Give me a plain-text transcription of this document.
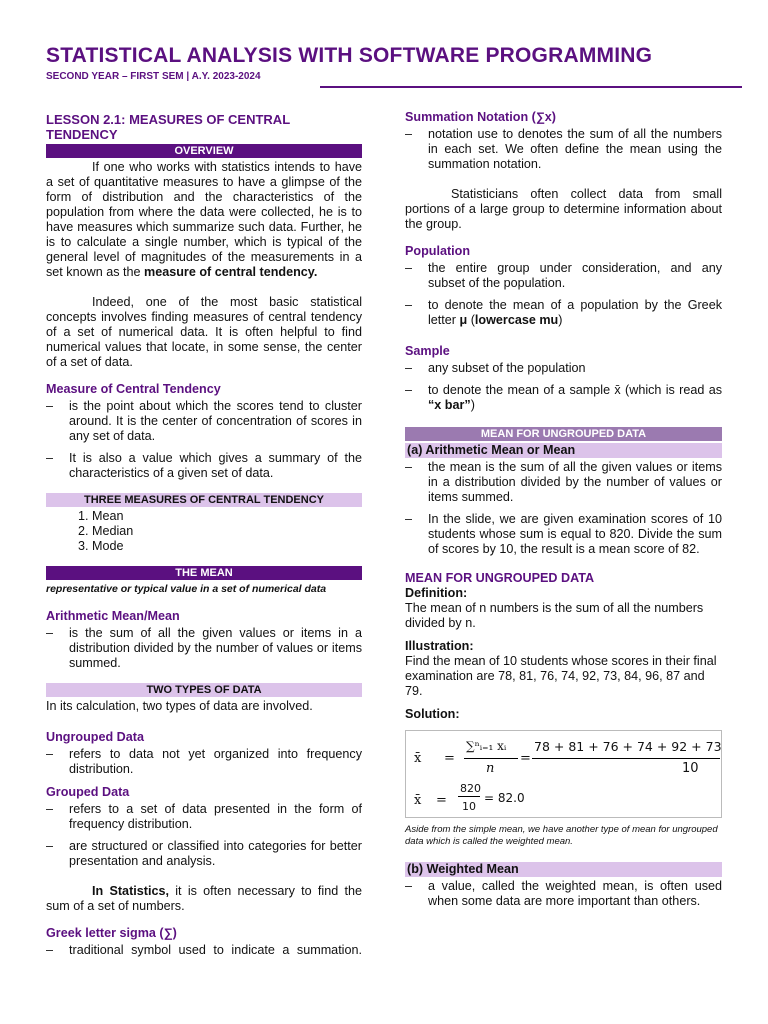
STATISTICAL ANALYSIS WITH SOFTWARE PROGRAMMING
SECOND YEAR – FIRST SEM | A.Y. 2023-2024
LESSON 2.1: MEASURES OF CENTRAL TENDENCY
OVERVIEW

If one who works with statistics intends to have a set of quantitative measures to have a glimpse of the form of distribution and the characteristics of the population from where the data were collected, he is to have measures which summarize such data. Further, he is to calculate a single number, which is typical of the general level of magnitudes of the measurements in a set known as the measure of central tendency.

Indeed, one of the most basic statistical concepts involves finding measures of central tendency of a set of numerical data. It is often helpful to find numerical values that locate, in some sense, the center of a set of data.

Measure of Central Tendency
–	is the point about which the scores tend to cluster around. It is the center of concentration of scores in any set of data.
–	It is also a value which gives a summary of the characteristics of a given set of data.
THREE MEASURES OF CENTRAL TENDENCY
1. Mean
2. Median
3. Mode
THE MEAN
representative or typical value in a set of numerical data
Arithmetic Mean/Mean
–	is the sum of all the given values or items in a distribution divided by the number of values or items summed.
TWO TYPES OF DATA

In its calculation, two types of data are involved.

Ungrouped Data
–	refers to data not yet organized into frequency distribution.
Grouped Data
–	refers to a set of data presented in the form of frequency distribution.
–	are structured or classified into categories for better presentation and analysis.

In Statistics, it is often necessary to find the sum of a set of numbers.

Greek letter sigma (∑)
–	traditional symbol used to indicate a summation.
Summation Notation (∑x)
–	notation use to denotes the sum of all the numbers in each set. We often define the mean using the summation notation.

Statisticians often collect data from small portions of a large group to determine information about the group.

Population
–	the entire group under consideration, and any subset of the population.
–	to denote the mean of a population by the Greek letter μ (lowercase mu)
Sample
–	any subset of the population
–	to denote the mean of a sample x̄ (which is read as “x bar”)
MEAN FOR UNGROUPED DATA
(a) Arithmetic Mean or Mean
–	the mean is the sum of all the given values or items in a distribution divided by the number of values or items summed.
–	In the slide, we are given examination scores of 10 students whose sum is equal to 820. Divide the sum of scores by 10, the result is a mean score of 82.
MEAN FOR UNGROUPED DATA
Definition:

The mean of n numbers is the sum of all the numbers divided by n.

Illustration:

Find the mean of 10 students whose scores in their final examination are 78, 81, 76, 74, 92, 73, 84, 96, 87 and 79.

Solution:
x̄ =
∑ⁿᵢ₌₁ xᵢ
n
=
78 + 81 + 76 + 74 + 92 + 73
10
x̄ =
820
10
= 82.0
Aside from the simple mean, we have another type of mean for ungrouped data which is called the weighted mean.
(b) Weighted Mean
–	a value, called the weighted mean, is often used when some data are more important than others.
